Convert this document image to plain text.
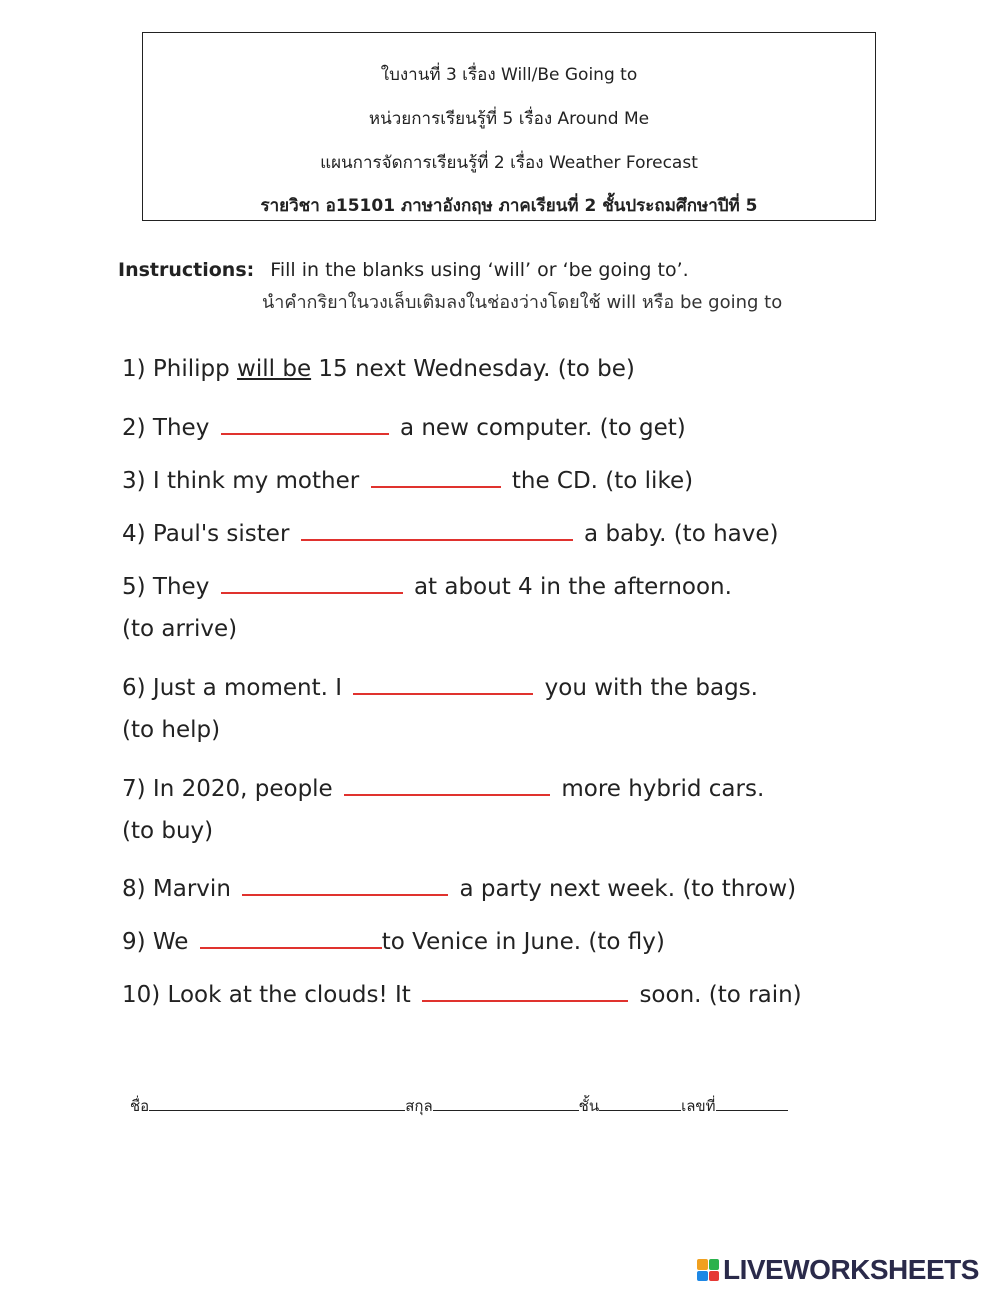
ใบงานที่ 3 เรื่อง Will/Be Going to
หน่วยการเรียนรู้ที่ 5 เรื่อง Around Me
แผนการจัดการเรียนรู้ที่ 2 เรื่อง Weather Forecast
รายวิชา อ15101 ภาษาอังกฤษ ภาคเรียนที่ 2 ชั้นประถมศึกษาปีที่ 5
Instructions: Fill in the blanks using ‘will’ or ‘be going to’.
นำคำกริยาในวงเล็บเติมลงในช่องว่างโดยใช้ will หรือ be going to
1) Philipp will be 15 next Wednesday. (to be)
2) They	a new computer. (to get)
3) I think my mother	the CD. (to like)
4) Paul's sister	a baby. (to have)
5) They	at about 4 in the afternoon.
(to arrive)
6) Just a moment. I	you with the bags.
(to help)
7) In 2020, people	more hybrid cars.
(to buy)
8) Marvin	a party next week. (to throw)
9) We	to Venice in June. (to fly)
10) Look at the clouds! It	soon. (to rain)
ชื่อ	สกุล	ชั้น	เลขที่
LIVEWORKSHEETS
